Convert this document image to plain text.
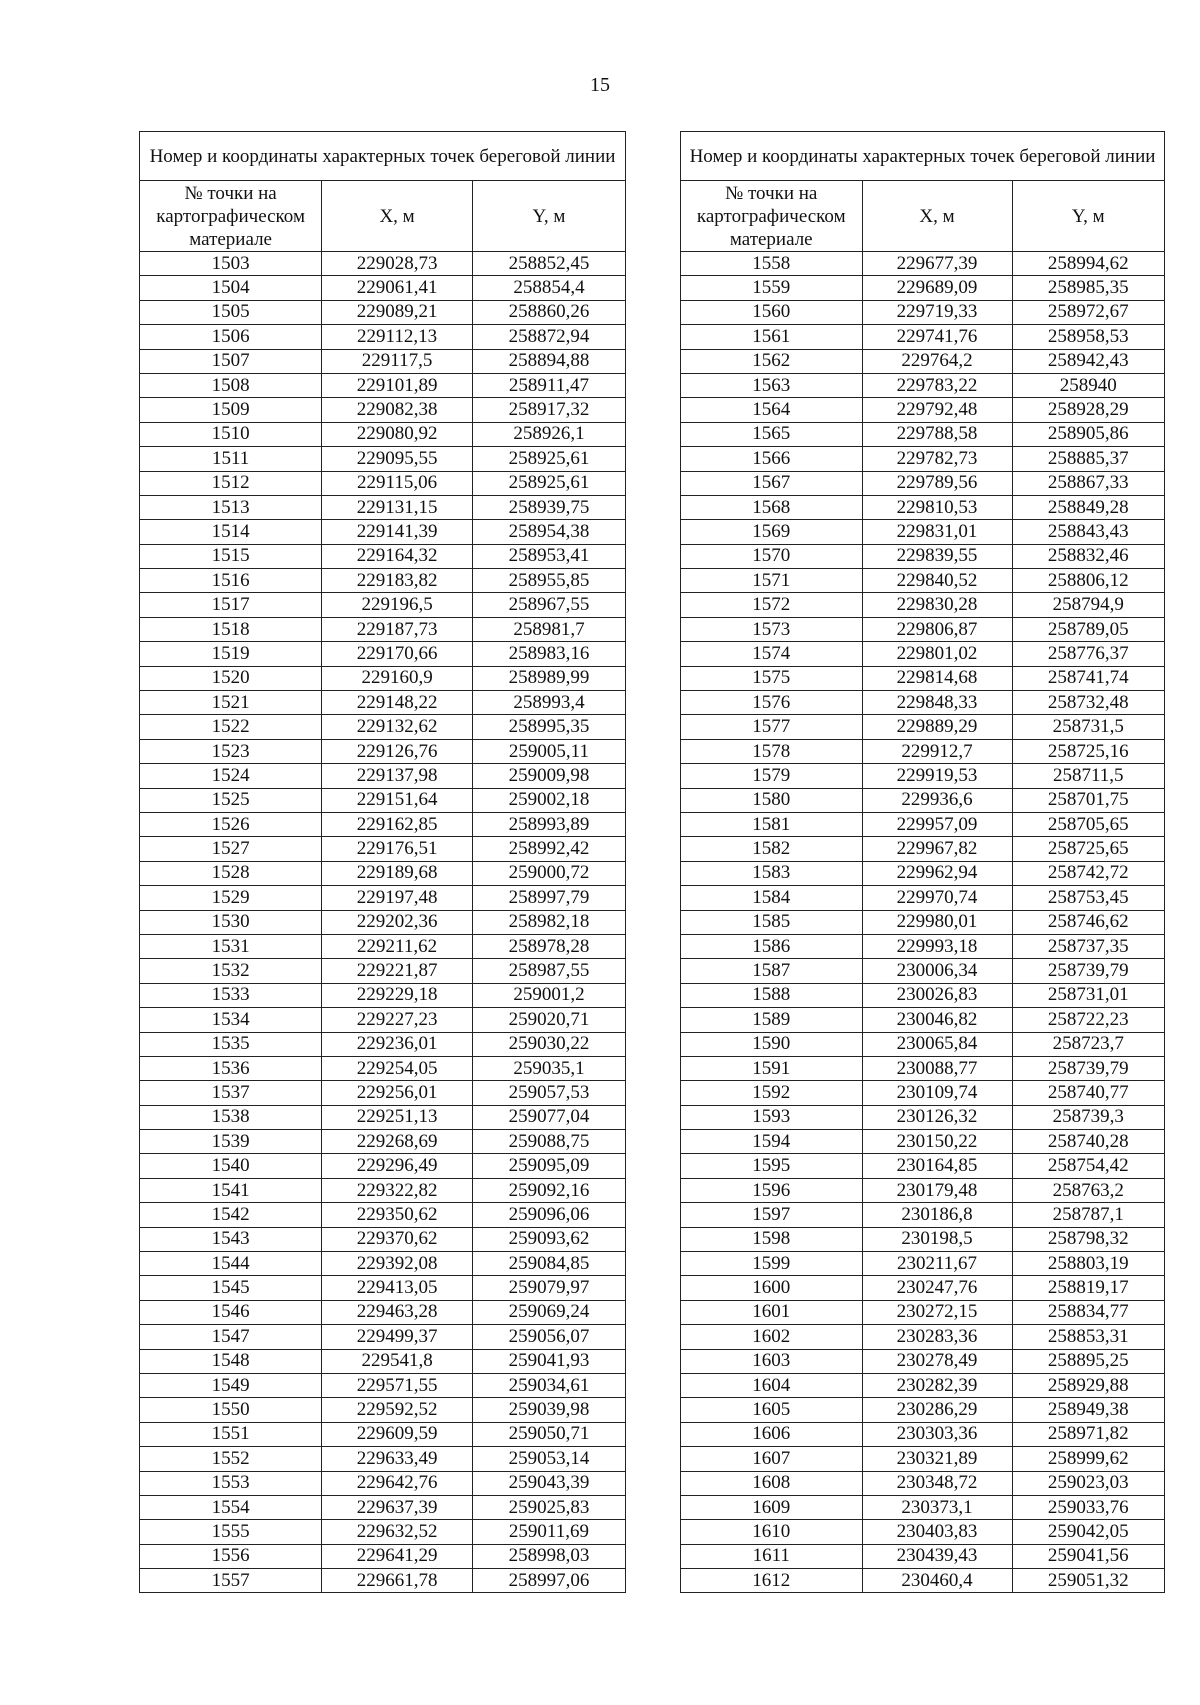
15
Номер и координаты характерных точек береговой линии		
№ точки на картографическом материале	X, м	Y, м
1503	229028,73	258852,45
1504	229061,41	258854,4
1505	229089,21	258860,26
1506	229112,13	258872,94
1507	229117,5	258894,88
1508	229101,89	258911,47
1509	229082,38	258917,32
1510	229080,92	258926,1
1511	229095,55	258925,61
1512	229115,06	258925,61
1513	229131,15	258939,75
1514	229141,39	258954,38
1515	229164,32	258953,41
1516	229183,82	258955,85
1517	229196,5	258967,55
1518	229187,73	258981,7
1519	229170,66	258983,16
1520	229160,9	258989,99
1521	229148,22	258993,4
1522	229132,62	258995,35
1523	229126,76	259005,11
1524	229137,98	259009,98
1525	229151,64	259002,18
1526	229162,85	258993,89
1527	229176,51	258992,42
1528	229189,68	259000,72
1529	229197,48	258997,79
1530	229202,36	258982,18
1531	229211,62	258978,28
1532	229221,87	258987,55
1533	229229,18	259001,2
1534	229227,23	259020,71
1535	229236,01	259030,22
1536	229254,05	259035,1
1537	229256,01	259057,53
1538	229251,13	259077,04
1539	229268,69	259088,75
1540	229296,49	259095,09
1541	229322,82	259092,16
1542	229350,62	259096,06
1543	229370,62	259093,62
1544	229392,08	259084,85
1545	229413,05	259079,97
1546	229463,28	259069,24
1547	229499,37	259056,07
1548	229541,8	259041,93
1549	229571,55	259034,61
1550	229592,52	259039,98
1551	229609,59	259050,71
1552	229633,49	259053,14
1553	229642,76	259043,39
1554	229637,39	259025,83
1555	229632,52	259011,69
1556	229641,29	258998,03
1557	229661,78	258997,06
Номер и координаты характерных точек береговой линии		
№ точки на картографическом материале	X, м	Y, м
1558	229677,39	258994,62
1559	229689,09	258985,35
1560	229719,33	258972,67
1561	229741,76	258958,53
1562	229764,2	258942,43
1563	229783,22	258940
1564	229792,48	258928,29
1565	229788,58	258905,86
1566	229782,73	258885,37
1567	229789,56	258867,33
1568	229810,53	258849,28
1569	229831,01	258843,43
1570	229839,55	258832,46
1571	229840,52	258806,12
1572	229830,28	258794,9
1573	229806,87	258789,05
1574	229801,02	258776,37
1575	229814,68	258741,74
1576	229848,33	258732,48
1577	229889,29	258731,5
1578	229912,7	258725,16
1579	229919,53	258711,5
1580	229936,6	258701,75
1581	229957,09	258705,65
1582	229967,82	258725,65
1583	229962,94	258742,72
1584	229970,74	258753,45
1585	229980,01	258746,62
1586	229993,18	258737,35
1587	230006,34	258739,79
1588	230026,83	258731,01
1589	230046,82	258722,23
1590	230065,84	258723,7
1591	230088,77	258739,79
1592	230109,74	258740,77
1593	230126,32	258739,3
1594	230150,22	258740,28
1595	230164,85	258754,42
1596	230179,48	258763,2
1597	230186,8	258787,1
1598	230198,5	258798,32
1599	230211,67	258803,19
1600	230247,76	258819,17
1601	230272,15	258834,77
1602	230283,36	258853,31
1603	230278,49	258895,25
1604	230282,39	258929,88
1605	230286,29	258949,38
1606	230303,36	258971,82
1607	230321,89	258999,62
1608	230348,72	259023,03
1609	230373,1	259033,76
1610	230403,83	259042,05
1611	230439,43	259041,56
1612	230460,4	259051,32
